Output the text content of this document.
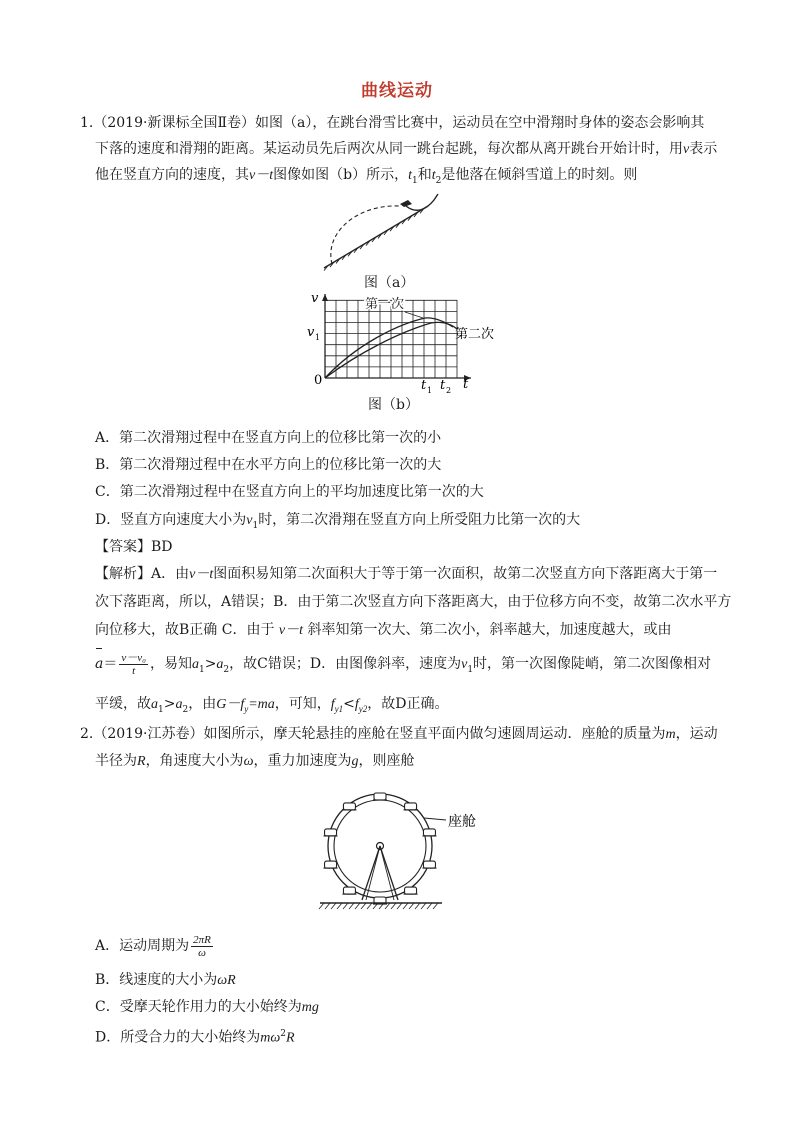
曲线运动
1.（2019·新课标全国Ⅱ卷）如图（a），在跳台滑雪比赛中，运动员在空中滑翔时身体的姿态会影响其
下落的速度和滑翔的距离。某运动员先后两次从同一跳台起跳，每次都从离开跳台开始计时，用v表示
他在竖直方向的速度，其v－t图像如图（b）所示，$t_1$和$t_2$是他落在倾斜雪道上的时刻。则
图（a）
v
v 1
0	t 1 t 2 t
第一次
第二次
图（b）
A．第二次滑翔过程中在竖直方向上的位移比第一次的小
B．第二次滑翔过程中在水平方向上的位移比第一次的大
C．第二次滑翔过程中在竖直方向上的平均加速度比第一次的大
D．竖直方向速度大小为$v_1$时，第二次滑翔在竖直方向上所受阻力比第一次的大
【答案】BD
【解析】A．由v－t图面积易知第二次面积大于等于第一次面积，故第二次竖直方向下落距离大于第一
次下落距离，所以，A错误；B．由于第二次竖直方向下落距离大，由于位移方向不变，故第二次水平方
向位移大，故B正确 C．由于 v－t 斜率知第一次大、第二次小，斜率越大，加速度越大，或由
$a= \frac{\text{v－v₀}}{t}$ ，易知$a_1>a_2$，故C错误；D．由图像斜率，速度为$v_1$时，第一次图像陡峭，第二次图像相对
平缓，故$a_1>a_2$，由$G-f_y=ma$，可知，$f_{y1}<f_{y2}$，故D正确。
2.（2019·江苏卷）如图所示，摩天轮悬挂的座舱在竖直平面内做匀速圆周运动．座舱的质量为m，运动
半径为R，角速度大小为ω，重力加速度为g，则座舱
座舱
A．运动周期为 $\frac{2\pi R}{\omega}$
B．线速度的大小为ωR
C．受摩天轮作用力的大小始终为mg
D．所受合力的大小始终为$m\omega^2R$
